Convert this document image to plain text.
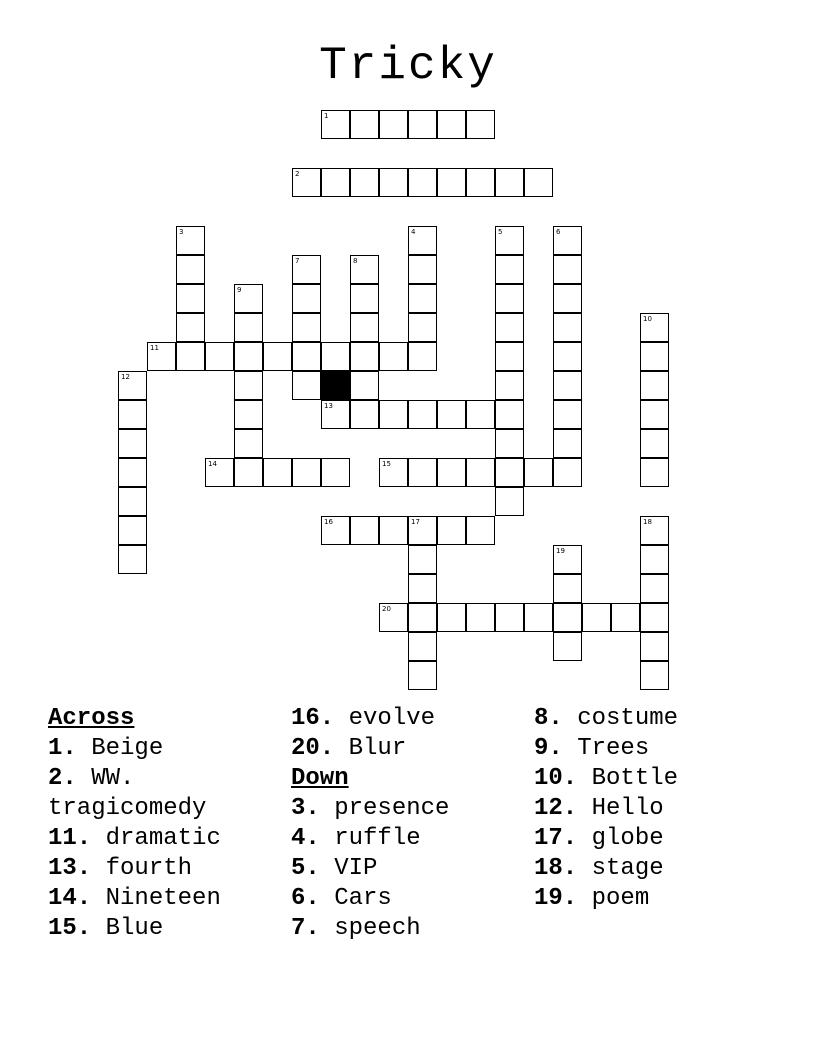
Tricky
1
2
3	4	5	6
7	8
9
10
11
12
13
14	15
16	17	18
19
20
Across
1. Beige
2. WW. tragicomedy
11. dramatic
13. fourth
14. Nineteen
15. Blue
16. evolve
20. Blur
Down
3. presence
4. ruffle
5. VIP
6. Cars
7. speech
8. costume
9. Trees
10. Bottle
12. Hello
17. globe
18. stage
19. poem
